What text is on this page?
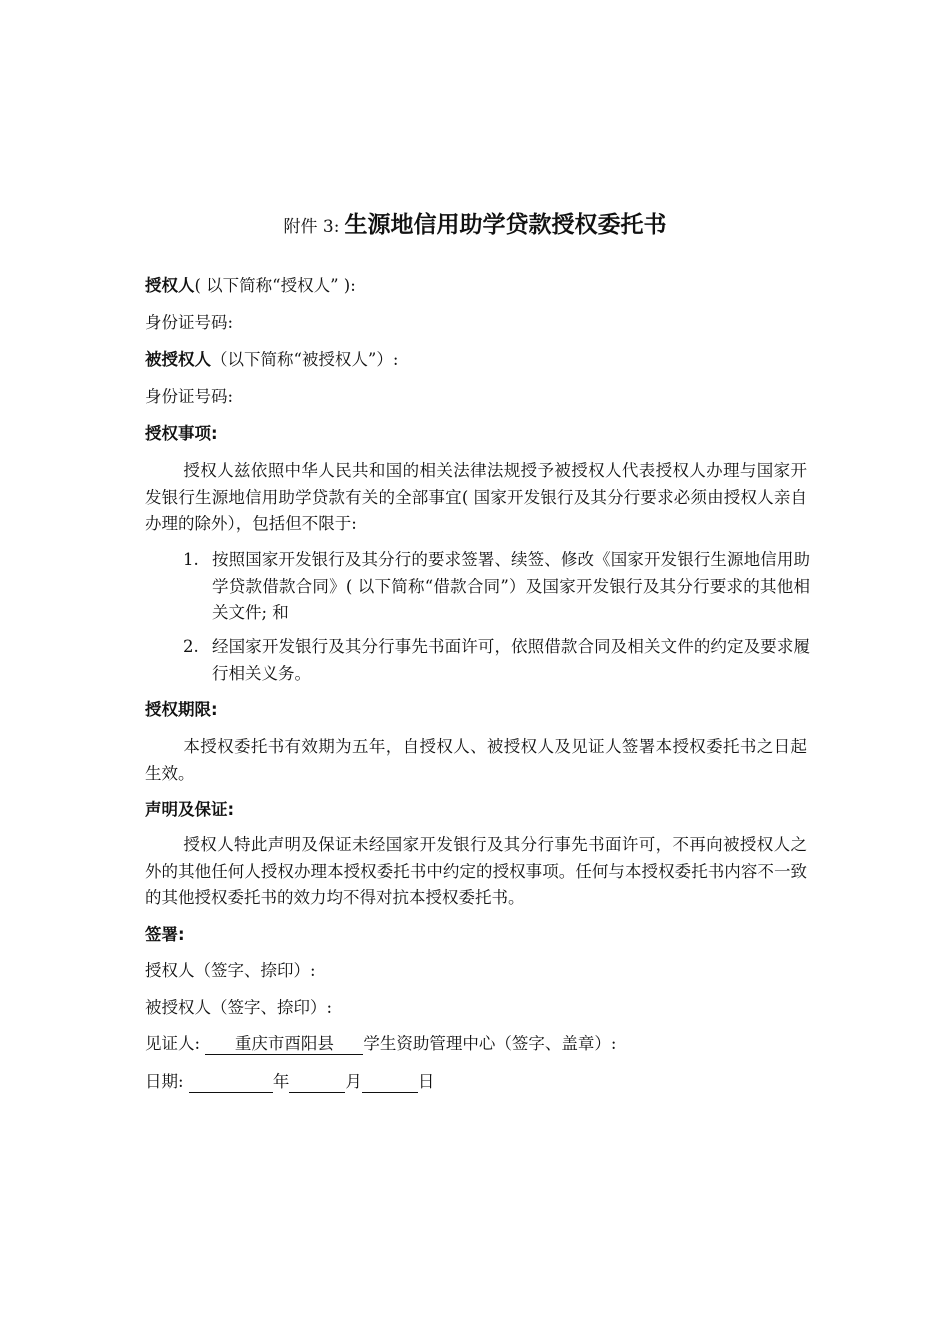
附件 3: 生源地信用助学贷款授权委托书
授权人( 以下简称“授权人” ):
身份证号码:
被授权人（以下简称“被授权人”）:
身份证号码:
授权事项:
授权人兹依照中华人民共和国的相关法律法规授予被授权人代表授权人办理与国家开发银行生源地信用助学贷款有关的全部事宜( 国家开发银行及其分行要求必须由授权人亲自办理的除外），包括但不限于:
1. 按照国家开发银行及其分行的要求签署、续签、修改《国家开发银行生源地信用助学贷款借款合同》( 以下简称“借款合同”）及国家开发银行及其分行要求的其他相关文件; 和
2. 经国家开发银行及其分行事先书面许可，依照借款合同及相关文件的约定及要求履行相关义务。
授权期限:
本授权委托书有效期为五年，自授权人、被授权人及见证人签署本授权委托书之日起生效。
声明及保证:
授权人特此声明及保证未经国家开发银行及其分行事先书面许可，不再向被授权人之外的其他任何人授权办理本授权委托书中约定的授权事项。任何与本授权委托书内容不一致的其他授权委托书的效力均不得对抗本授权委托书。
签署:
授权人（签字、捺印）:
被授权人（签字、捺印）:
见证人: 重庆市酉阳县 学生资助管理中心（签字、盖章）:
日期:	年	月	日
